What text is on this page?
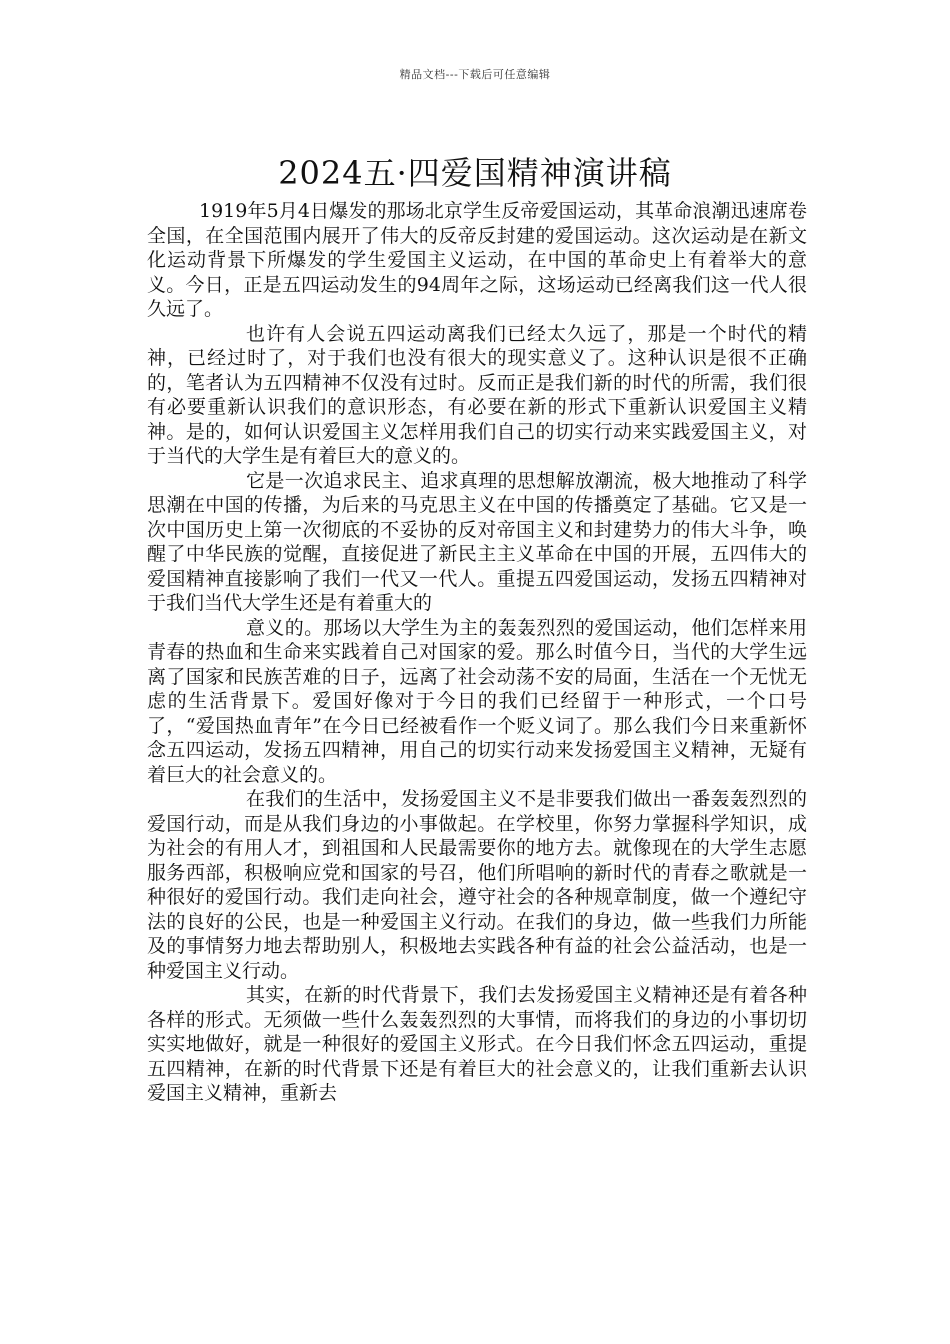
精品文档---下载后可任意编辑
2024五·四爱国精神演讲稿

1919年5月4日爆发的那场北京学生反帝爱国运动，其革命浪潮迅速席卷全国，在全国范围内展开了伟大的反帝反封建的爱国运动。这次运动是在新文化运动背景下所爆发的学生爱国主义运动，在中国的革命史上有着举大的意义。今日，正是五四运动发生的94周年之际，这场运动已经离我们这一代人很久远了。

也许有人会说五四运动离我们已经太久远了，那是一个时代的精神，已经过时了，对于我们也没有很大的现实意义了。这种认识是很不正确的，笔者认为五四精神不仅没有过时。反而正是我们新的时代的所需，我们很有必要重新认识我们的意识形态，有必要在新的形式下重新认识爱国主义精神。是的，如何认识爱国主义怎样用我们自己的切实行动来实践爱国主义，对于当代的大学生是有着巨大的意义的。

它是一次追求民主、追求真理的思想解放潮流，极大地推动了科学思潮在中国的传播，为后来的马克思主义在中国的传播奠定了基础。它又是一次中国历史上第一次彻底的不妥协的反对帝国主义和封建势力的伟大斗争，唤醒了中华民族的觉醒，直接促进了新民主主义革命在中国的开展，五四伟大的爱国精神直接影响了我们一代又一代人。重提五四爱国运动，发扬五四精神对于我们当代大学生还是有着重大的

意义的。那场以大学生为主的轰轰烈烈的爱国运动，他们怎样来用青春的热血和生命来实践着自己对国家的爱。那么时值今日，当代的大学生远离了国家和民族苦难的日子，远离了社会动荡不安的局面，生活在一个无忧无虑的生活背景下。爱国好像对于今日的我们已经留于一种形式，一个口号了，“爱国热血青年”在今日已经被看作一个贬义词了。那么我们今日来重新怀念五四运动，发扬五四精神，用自己的切实行动来发扬爱国主义精神，无疑有着巨大的社会意义的。

在我们的生活中，发扬爱国主义不是非要我们做出一番轰轰烈烈的爱国行动，而是从我们身边的小事做起。在学校里，你努力掌握科学知识，成为社会的有用人才，到祖国和人民最需要你的地方去。就像现在的大学生志愿服务西部，积极响应党和国家的号召，他们所唱响的新时代的青春之歌就是一种很好的爱国行动。我们走向社会，遵守社会的各种规章制度，做一个遵纪守法的良好的公民，也是一种爱国主义行动。在我们的身边，做一些我们力所能及的事情努力地去帮助别人，积极地去实践各种有益的社会公益活动，也是一种爱国主义行动。

其实，在新的时代背景下，我们去发扬爱国主义精神还是有着各种各样的形式。无须做一些什么轰轰烈烈的大事情，而将我们的身边的小事切切实实地做好，就是一种很好的爱国主义形式。在今日我们怀念五四运动，重提五四精神，在新的时代背景下还是有着巨大的社会意义的，让我们重新去认识爱国主义精神，重新去
